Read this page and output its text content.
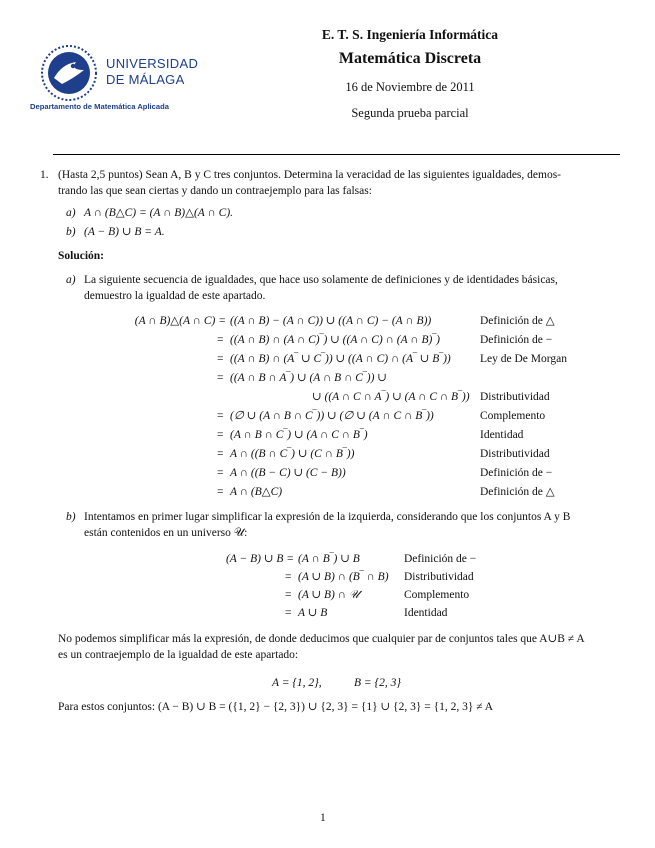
UNIVERSIDAD
DE MÁLAGA
Departamento de Matemática Aplicada
E. T. S. Ingeniería Informática
Matemática Discreta
16 de Noviembre de 2011
Segunda prueba parcial
1. (Hasta 2,5 puntos) Sean A, B y C tres conjuntos. Determina la veracidad de las siguientes igualdades, demos-
trando las que sean ciertas y dando un contraejemplo para las falsas:
a) A ∩ (B△C) = (A ∩ B)△(A ∩ C).
b) (A − B) ∪ B = A.
Solución:
a) La siguiente secuencia de igualdades, que hace uso solamente de definiciones y de identidades básicas,
demuestro la igualdad de este apartado.
(A ∩ B)△(A ∩ C) = ((A ∩ B) − (A ∩ C)) ∪ ((A ∩ C) − (A ∩ B))	Definición de △
= ((A ∩ B) ∩ (A ∩ C)‾) ∪ ((A ∩ C) ∩ (A ∩ B)‾)	Definición de −
= ((A ∩ B) ∩ (A‾ ∪ C‾)) ∪ ((A ∩ C) ∩ (A‾ ∪ B‾))	Ley de De Morgan
= ((A ∩ B ∩ A‾) ∪ (A ∩ B ∩ C‾)) ∪
∪ ((A ∩ C ∩ A‾) ∪ (A ∩ C ∩ B‾)) Distributividad
= (∅ ∪ (A ∩ B ∩ C‾)) ∪ (∅ ∪ (A ∩ C ∩ B‾))	Complemento
= (A ∩ B ∩ C‾) ∪ (A ∩ C ∩ B‾)	Identidad
= A ∩ ((B ∩ C‾) ∪ (C ∩ B‾))	Distributividad
= A ∩ ((B − C) ∪ (C − B))	Definición de −
= A ∩ (B△C)	Definición de △
b) Intentamos en primer lugar simplificar la expresión de la izquierda, considerando que los conjuntos A y B
están contenidos en un universo 𝒰:
(A − B) ∪ B = (A ∩ B‾) ∪ B	Definición de −
= (A ∪ B) ∩ (B‾ ∩ B) Distributividad
= (A ∪ B) ∩ 𝒰	Complemento
= A ∪ B	Identidad
No podemos simplificar más la expresión, de donde deducimos que cualquier par de conjuntos tales que A∪B ≠ A
es un contraejemplo de la igualdad de este apartado:
A = {1, 2},	B = {2, 3}
Para estos conjuntos: (A − B) ∪ B = ({1, 2} − {2, 3}) ∪ {2, 3} = {1} ∪ {2, 3} = {1, 2, 3} ≠ A
1
